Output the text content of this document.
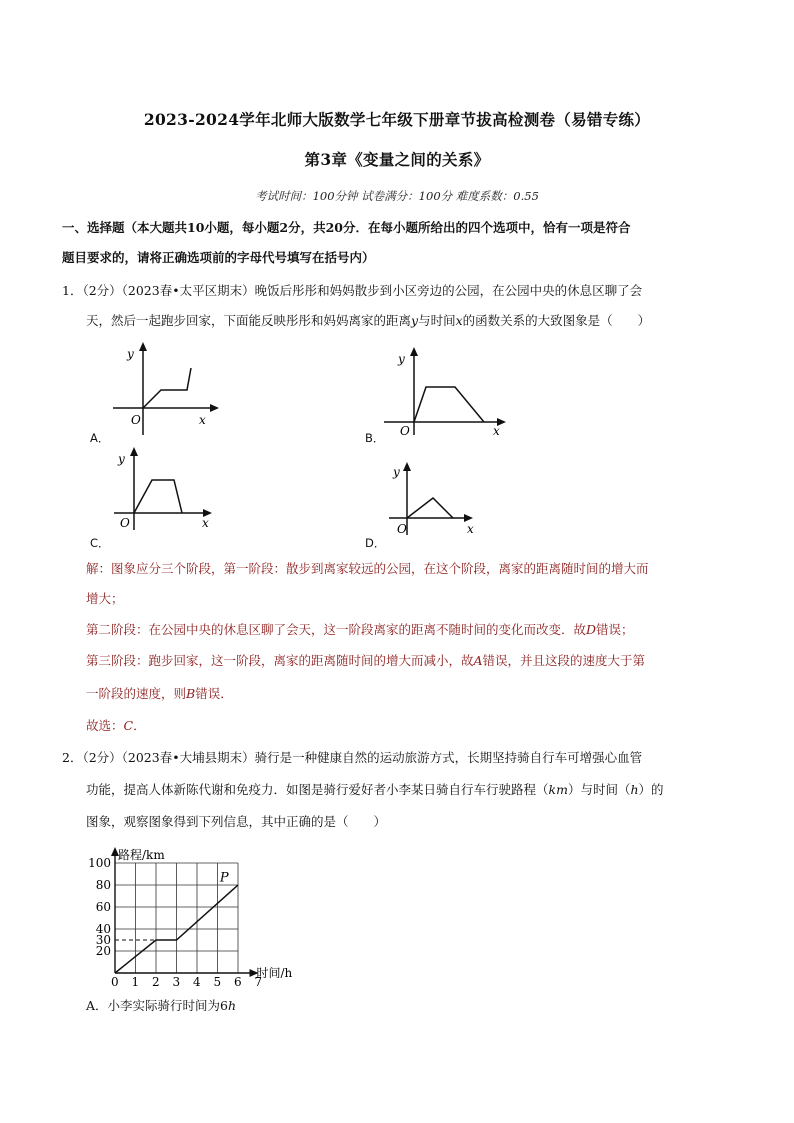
2023-2024学年北师大版数学七年级下册章节拔高检测卷（易错专练）
第3章《变量之间的关系》
考试时间：100分钟 试卷满分：100分 难度系数：0.55
一、选择题（本大题共10小题，每小题2分，共20分．在每小题所给出的四个选项中，恰有一项是符合
题目要求的，请将正确选项前的字母代号填写在括号内）
1．（2分）（2023春•太平区期末）晚饭后彤彤和妈妈散步到小区旁边的公园，在公园中央的休息区聊了会
天，然后一起跑步回家，下面能反映彤彤和妈妈离家的距离y与时间x的函数关系的大致图象是（　　）
y
x
O
A．
y
x
O
B．
y
x
O
C．
y
x
O
D．
解：图象应分三个阶段，第一阶段：散步到离家较远的公园，在这个阶段，离家的距离随时间的增大而
增大；
第二阶段：在公园中央的休息区聊了会天，这一阶段离家的距离不随时间的变化而改变．故D错误；
第三阶段：跑步回家，这一阶段，离家的距离随时间的增大而减小，故A错误，并且这段的速度大于第
一阶段的速度，则B错误．
故选：C．
2．（2分）（2023春•大埔县期末）骑行是一种健康自然的运动旅游方式，长期坚持骑自行车可增强心血管
功能，提高人体新陈代谢和免疫力．如图是骑行爱好者小李某日骑自行车行驶路程（km）与时间（h）的
图象，观察图象得到下列信息，其中正确的是（　　）
路程/km
时间/h
0 1 2 3 4 5 6 7
20
30
40
60
80
100
P
A．小李实际骑行时间为6h
